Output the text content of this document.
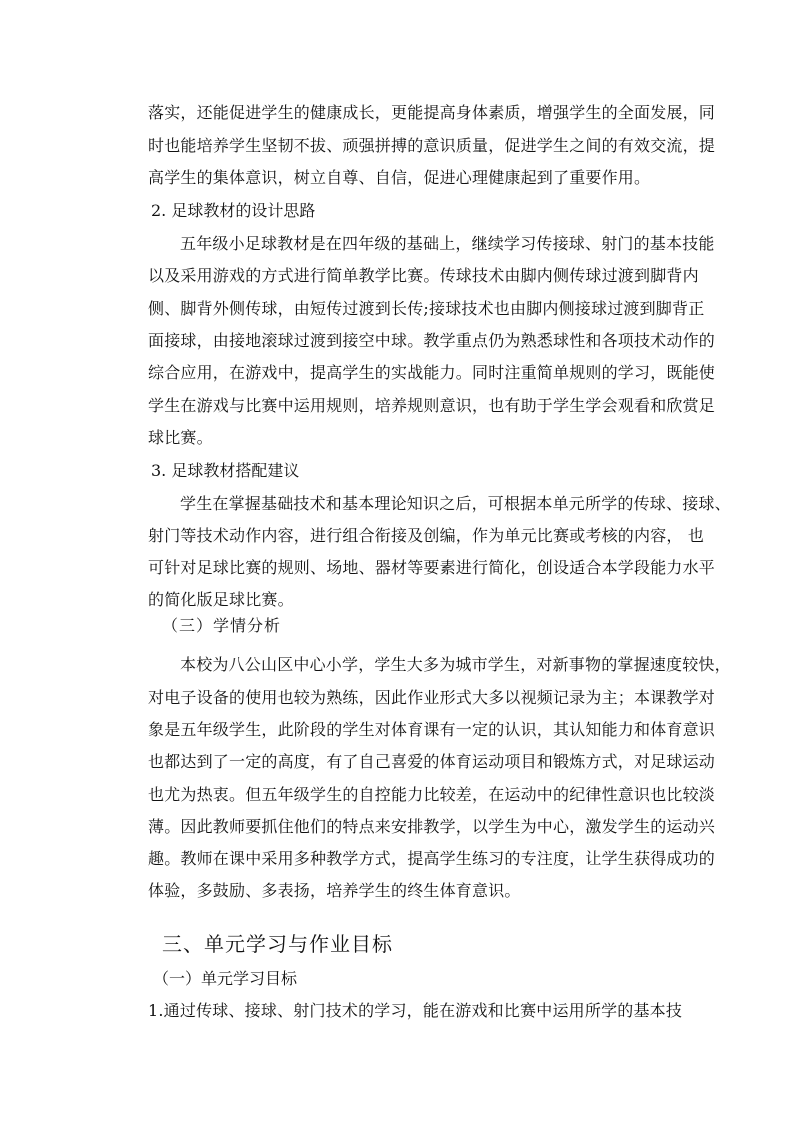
落实，还能促进学生的健康成长，更能提高身体素质，增强学生的全面发展，同
时也能培养学生坚韧不拔、顽强拼搏的意识质量，促进学生之间的有效交流，提
高学生的集体意识，树立自尊、自信，促进心理健康起到了重要作用。
2. 足球教材的设计思路
五年级小足球教材是在四年级的基础上，继续学习传接球、射门的基本技能
以及采用游戏的方式进行简单教学比赛。传球技术由脚内侧传球过渡到脚背内
侧、脚背外侧传球，由短传过渡到长传;接球技术也由脚内侧接球过渡到脚背正
面接球，由接地滚球过渡到接空中球。教学重点仍为熟悉球性和各项技术动作的
综合应用，在游戏中，提高学生的实战能力。同时注重简单规则的学习，既能使
学生在游戏与比赛中运用规则，培养规则意识，也有助于学生学会观看和欣赏足
球比赛。
3. 足球教材搭配建议
学生在掌握基础技术和基本理论知识之后，可根据本单元所学的传球、接球、
射门等技术动作内容，进行组合衔接及创编，作为单元比赛或考核的内容， 也
可针对足球比赛的规则、场地、器材等要素进行简化，创设适合本学段能力水平
的简化版足球比赛。
（三）学情分析
本校为八公山区中心小学，学生大多为城市学生，对新事物的掌握速度较快，
对电子设备的使用也较为熟练，因此作业形式大多以视频记录为主；本课教学对
象是五年级学生，此阶段的学生对体育课有一定的认识，其认知能力和体育意识
也都达到了一定的高度，有了自己喜爱的体育运动项目和锻炼方式，对足球运动
也尤为热衷。但五年级学生的自控能力比较差，在运动中的纪律性意识也比较淡
薄。因此教师要抓住他们的特点来安排教学，以学生为中心，激发学生的运动兴
趣。教师在课中采用多种教学方式，提高学生练习的专注度，让学生获得成功的
体验，多鼓励、多表扬，培养学生的终生体育意识。
三、单元学习与作业目标
（一）单元学习目标
1.通过传球、接球、射门技术的学习，能在游戏和比赛中运用所学的基本技
